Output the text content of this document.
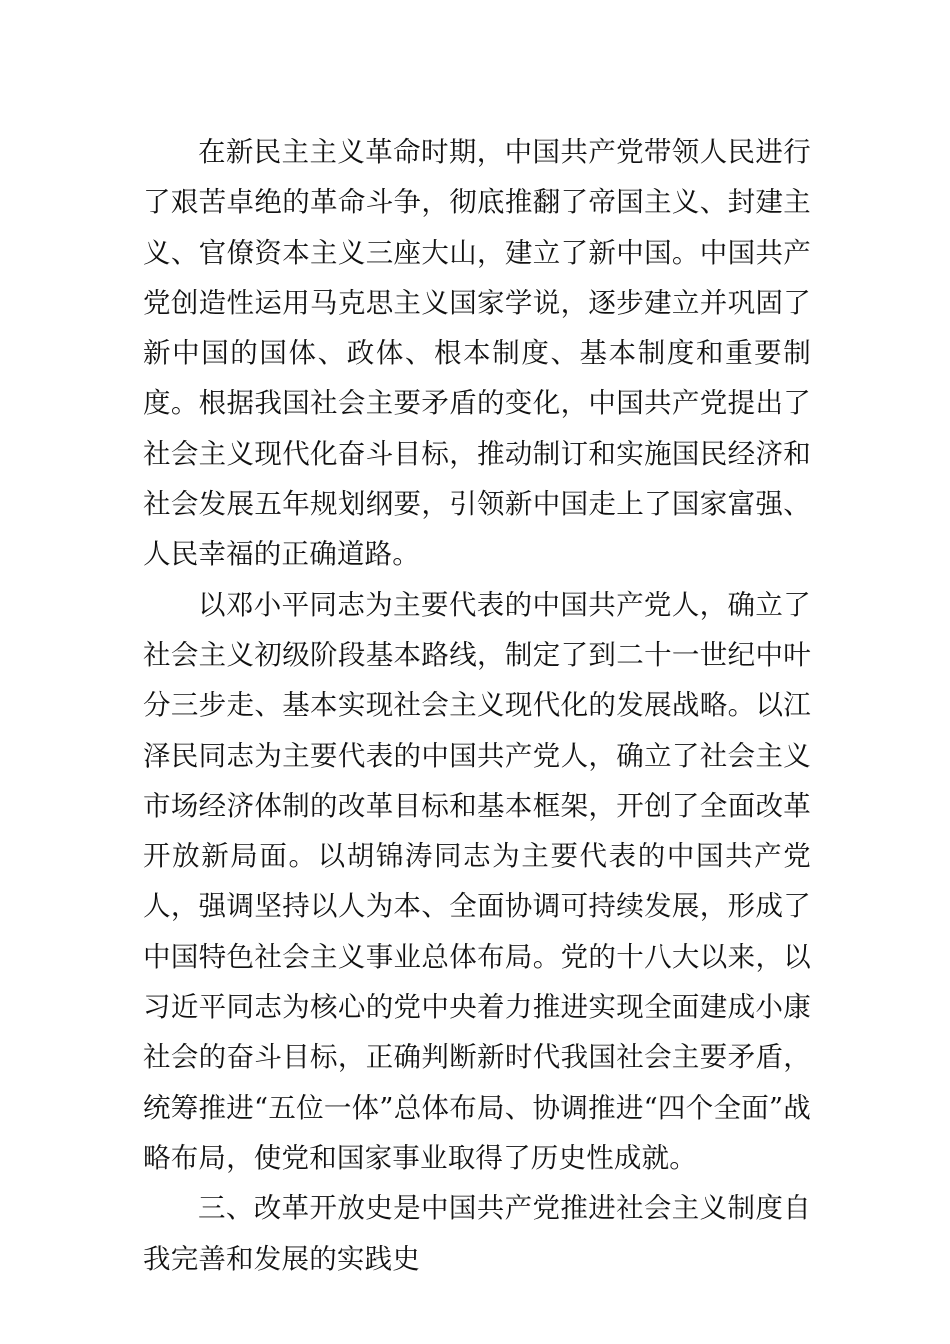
在新民主主义革命时期，中国共产党带领人民进行了艰苦卓绝的革命斗争，彻底推翻了帝国主义、封建主义、官僚资本主义三座大山，建立了新中国。中国共产党创造性运用马克思主义国家学说，逐步建立并巩固了新中国的国体、政体、根本制度、基本制度和重要制度。根据我国社会主要矛盾的变化，中国共产党提出了社会主义现代化奋斗目标，推动制订和实施国民经济和社会发展五年规划纲要，引领新中国走上了国家富强、人民幸福的正确道路。

以邓小平同志为主要代表的中国共产党人，确立了社会主义初级阶段基本路线，制定了到二十一世纪中叶分三步走、基本实现社会主义现代化的发展战略。以江泽民同志为主要代表的中国共产党人，确立了社会主义市场经济体制的改革目标和基本框架，开创了全面改革开放新局面。以胡锦涛同志为主要代表的中国共产党人，强调坚持以人为本、全面协调可持续发展，形成了中国特色社会主义事业总体布局。党的十八大以来，以习近平同志为核心的党中央着力推进实现全面建成小康社会的奋斗目标，正确判断新时代我国社会主要矛盾，统筹推进“五位一体”总体布局、协调推进“四个全面”战略布局，使党和国家事业取得了历史性成就。

三、改革开放史是中国共产党推进社会主义制度自我完善和发展的实践史
